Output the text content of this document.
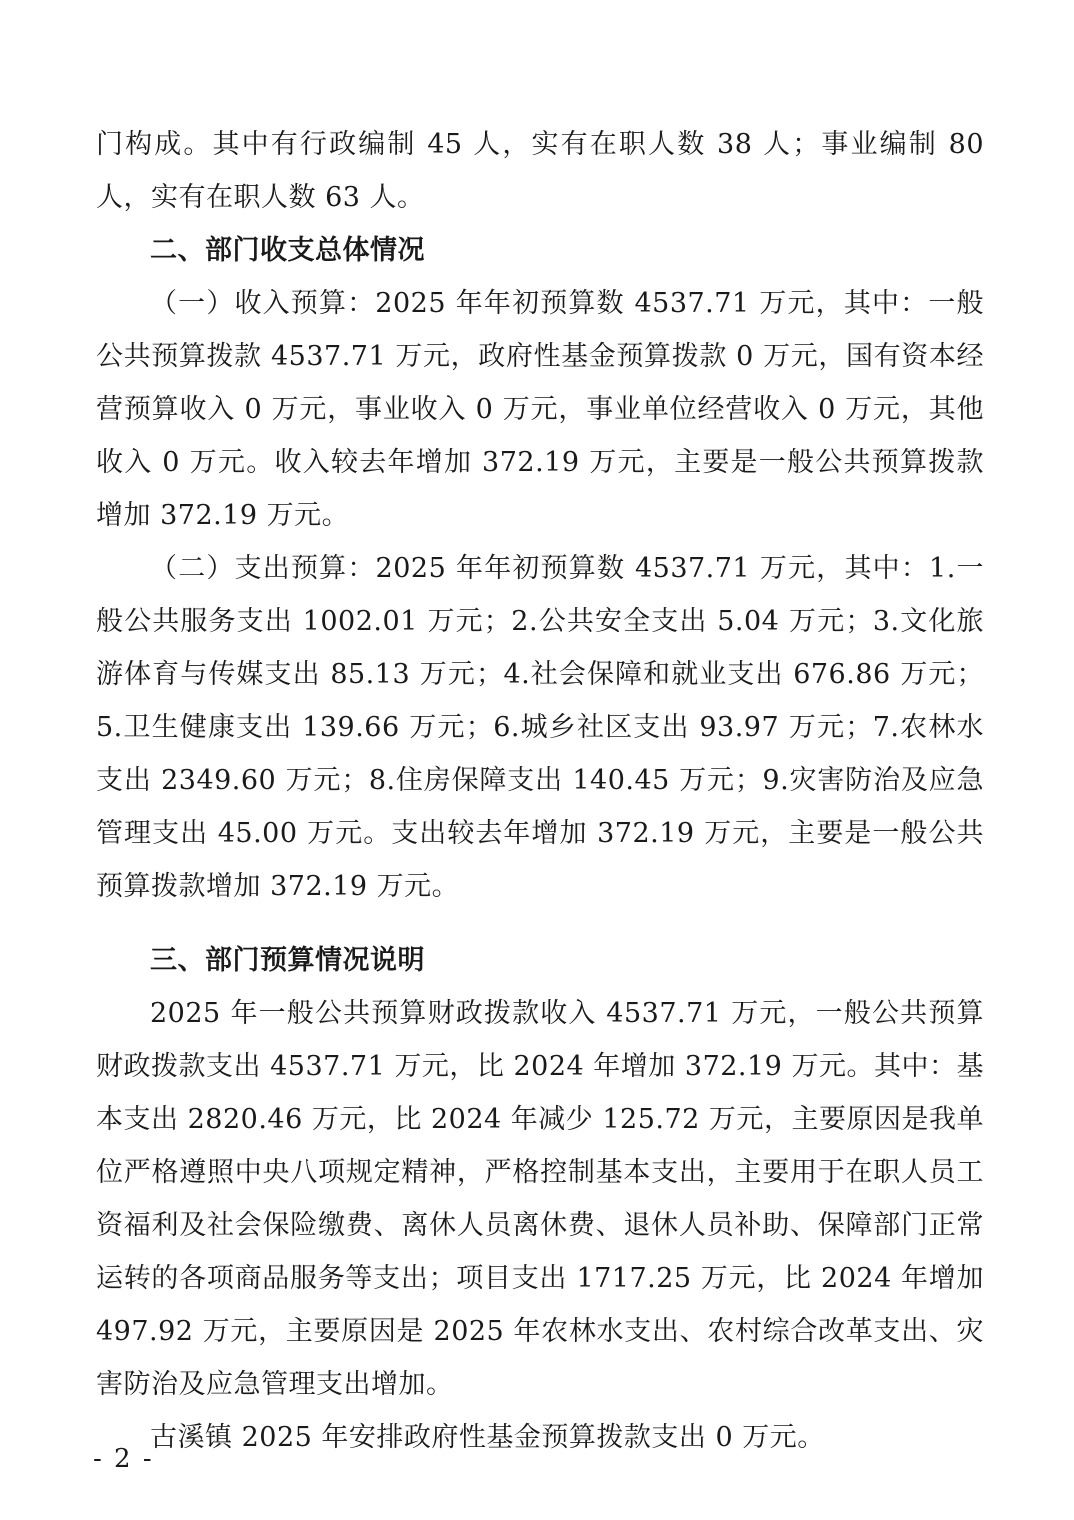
门构成。其中有行政编制 45 人，实有在职人数 38 人；事业编制 80 人，实有在职人数 63 人。

二、部门收支总体情况

（一）收入预算：2025 年年初预算数 4537.71 万元，其中：一般公共预算拨款 4537.71 万元，政府性基金预算拨款 0 万元，国有资本经营预算收入 0 万元，事业收入 0 万元，事业单位经营收入 0 万元，其他收入 0 万元。收入较去年增加 372.19 万元，主要是一般公共预算拨款增加 372.19 万元。

（二）支出预算：2025 年年初预算数 4537.71 万元，其中：1.一般公共服务支出 1002.01 万元；2.公共安全支出 5.04 万元；3.文化旅游体育与传媒支出 85.13 万元；4.社会保障和就业支出 676.86 万元；5.卫生健康支出 139.66 万元；6.城乡社区支出 93.97 万元；7.农林水支出 2349.60 万元；8.住房保障支出 140.45 万元；9.灾害防治及应急管理支出 45.00 万元。支出较去年增加 372.19 万元，主要是一般公共预算拨款增加 372.19 万元。

三、部门预算情况说明

2025 年一般公共预算财政拨款收入 4537.71 万元，一般公共预算财政拨款支出 4537.71 万元，比 2024 年增加 372.19 万元。其中：基本支出 2820.46 万元，比 2024 年减少 125.72 万元，主要原因是我单位严格遵照中央八项规定精神，严格控制基本支出，主要用于在职人员工资福利及社会保险缴费、离休人员离休费、退休人员补助、保障部门正常运转的各项商品服务等支出；项目支出 1717.25 万元，比 2024 年增加 497.92 万元，主要原因是 2025 年农林水支出、农村综合改革支出、灾害防治及应急管理支出增加。

古溪镇 2025 年安排政府性基金预算拨款支出 0 万元。

- 2 -
